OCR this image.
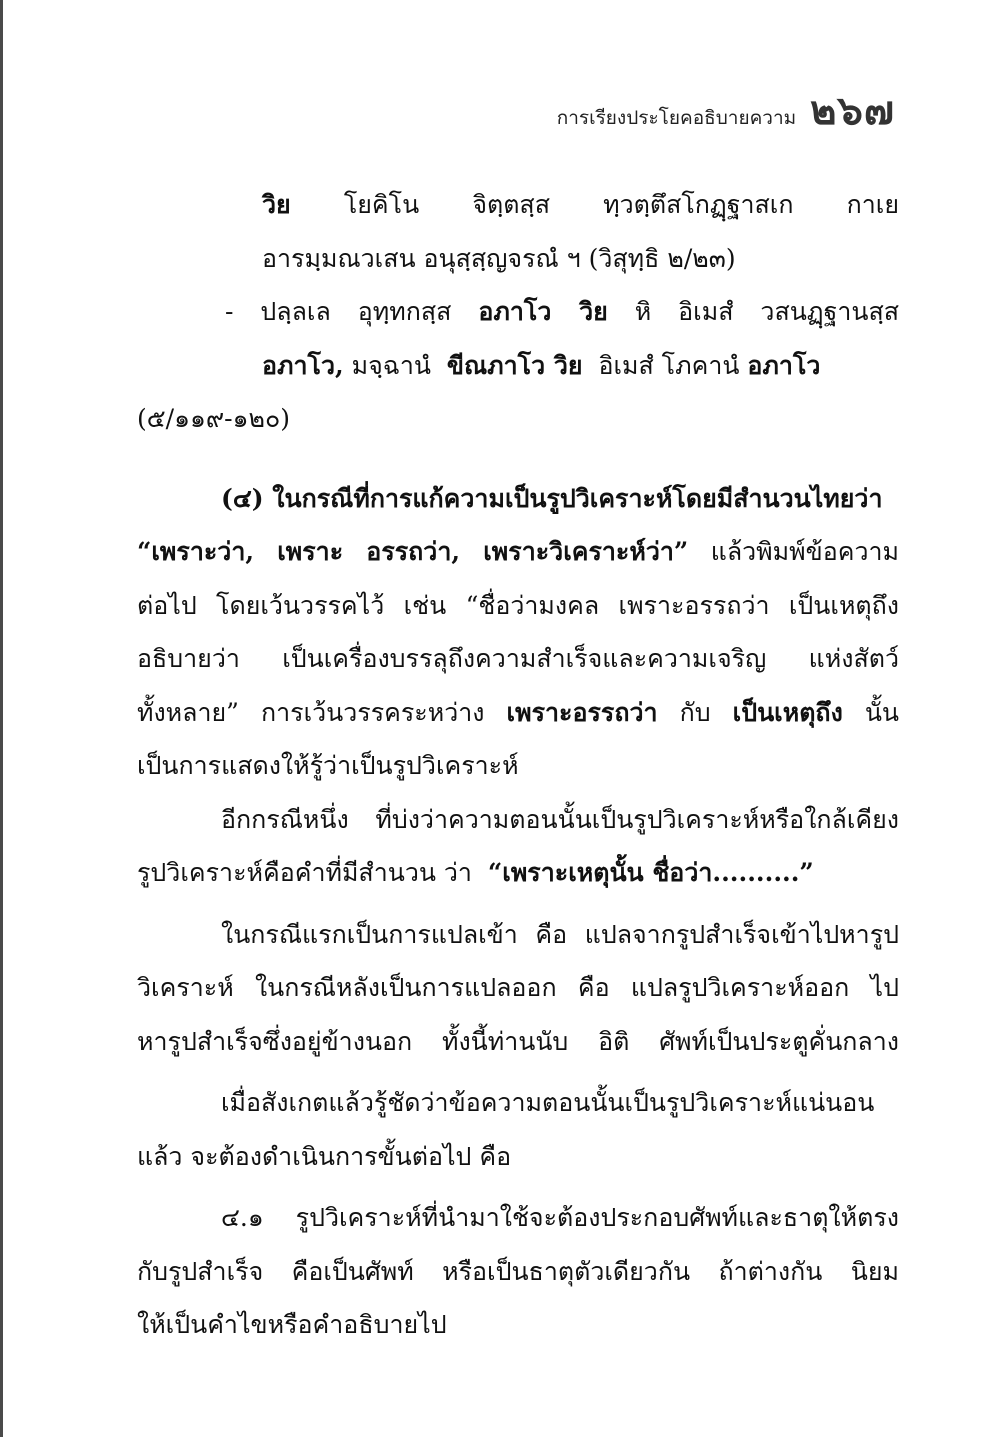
การเรียงประโยคอธิบายความ ๒๖๗
วิย โยคิโน จิตฺตสฺส ทฺวตฺตึสโกฏฺฐาสเก กาเย
อารมฺมณวเสน อนุสฺสฺญจรณํ ฯ (วิสุทฺธิ ๒/๒๓)
- ปลฺลเล อุทฺทกสฺส อภาโว วิย หิ อิเมสํ วสนฏฺฐานสฺส
อภาโว, มจฺฉานํ ขีณภาโว วิย อิเมสํ โภคานํ อภาโว
(๕/๑๑๙-๑๒๐)
(๔) ในกรณีที่การแก้ความเป็นรูปวิเคราะห์โดยมีสำนวนไทยว่า
“เพราะว่า, เพราะ อรรถว่า, เพราะวิเคราะห์ว่า” แล้วพิมพ์ข้อความ
ต่อไป โดยเว้นวรรคไว้ เช่น “ชื่อว่ามงคล เพราะอรรถว่า เป็นเหตุถึง
อธิบายว่า เป็นเครื่องบรรลุถึงความสำเร็จและความเจริญ แห่งสัตว์
ทั้งหลาย” การเว้นวรรคระหว่าง เพราะอรรถว่า กับ เป็นเหตุถึง นั้น
เป็นการแสดงให้รู้ว่าเป็นรูปวิเคราะห์
อีกกรณีหนึ่ง ที่บ่งว่าความตอนนั้นเป็นรูปวิเคราะห์หรือใกล้เคียง
รูปวิเคราะห์คือคำที่มีสำนวน ว่า “เพราะเหตุนั้น ชื่อว่า..........”
ในกรณีแรกเป็นการแปลเข้า คือ แปลจากรูปสำเร็จเข้าไปหารูป
วิเคราะห์ ในกรณีหลังเป็นการแปลออก คือ แปลรูปวิเคราะห์ออก ไป
หารูปสำเร็จซึ่งอยู่ข้างนอก ทั้งนี้ท่านนับ อิติ ศัพท์เป็นประตูคั่นกลาง
เมื่อสังเกตแล้วรู้ชัดว่าข้อความตอนนั้นเป็นรูปวิเคราะห์แน่นอน
แล้ว จะต้องดำเนินการขั้นต่อไป คือ
๔.๑ รูปวิเคราะห์ที่นำมาใช้จะต้องประกอบศัพท์และธาตุให้ตรง
กับรูปสำเร็จ คือเป็นศัพท์ หรือเป็นธาตุตัวเดียวกัน ถ้าต่างกัน นิยม
ให้เป็นคำไขหรือคำอธิบายไป
